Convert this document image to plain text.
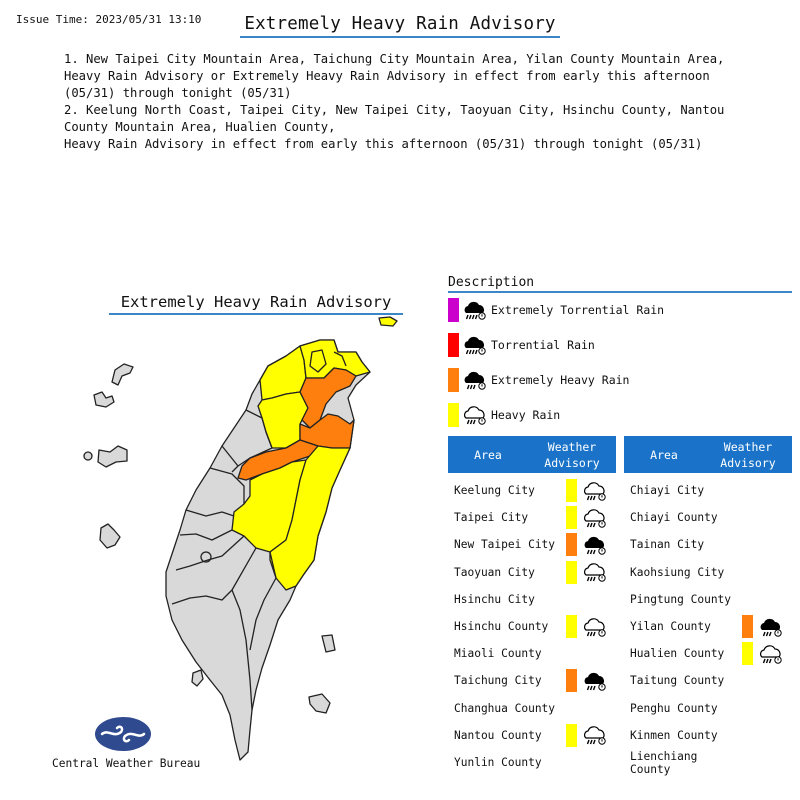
Issue Time: 2023/05/31 13:10 Extremely Heavy Rain Advisory
1. New Taipei City Mountain Area, Taichung City Mountain Area, Yilan County Mountain Area,
Heavy Rain Advisory or Extremely Heavy Rain Advisory in effect from early this afternoon
(05/31) through tonight (05/31)
2. Keelung North Coast, Taipei City, New Taipei City, Taoyuan City, Hsinchu County, Nantou
County Mountain Area, Hualien County,
Heavy Rain Advisory in effect from early this afternoon (05/31) through tonight (05/31)
Extremely Heavy Rain Advisory
Central Weather Bureau
Description
Extremely Torrential Rain
Torrential Rain
Extremely Heavy Rain
Heavy Rain
Area
Weather
Advisory
Area
Weather
Advisory
Keelung City
Taipei City
New Taipei City
Taoyuan City
Hsinchu City
Hsinchu County
Miaoli County
Taichung City
Changhua County
Nantou County
Yunlin County
Chiayi City
Chiayi County
Tainan City
Kaohsiung City
Pingtung County
Yilan County
Hualien County
Taitung County
Penghu County
Kinmen County
Lienchiang County
